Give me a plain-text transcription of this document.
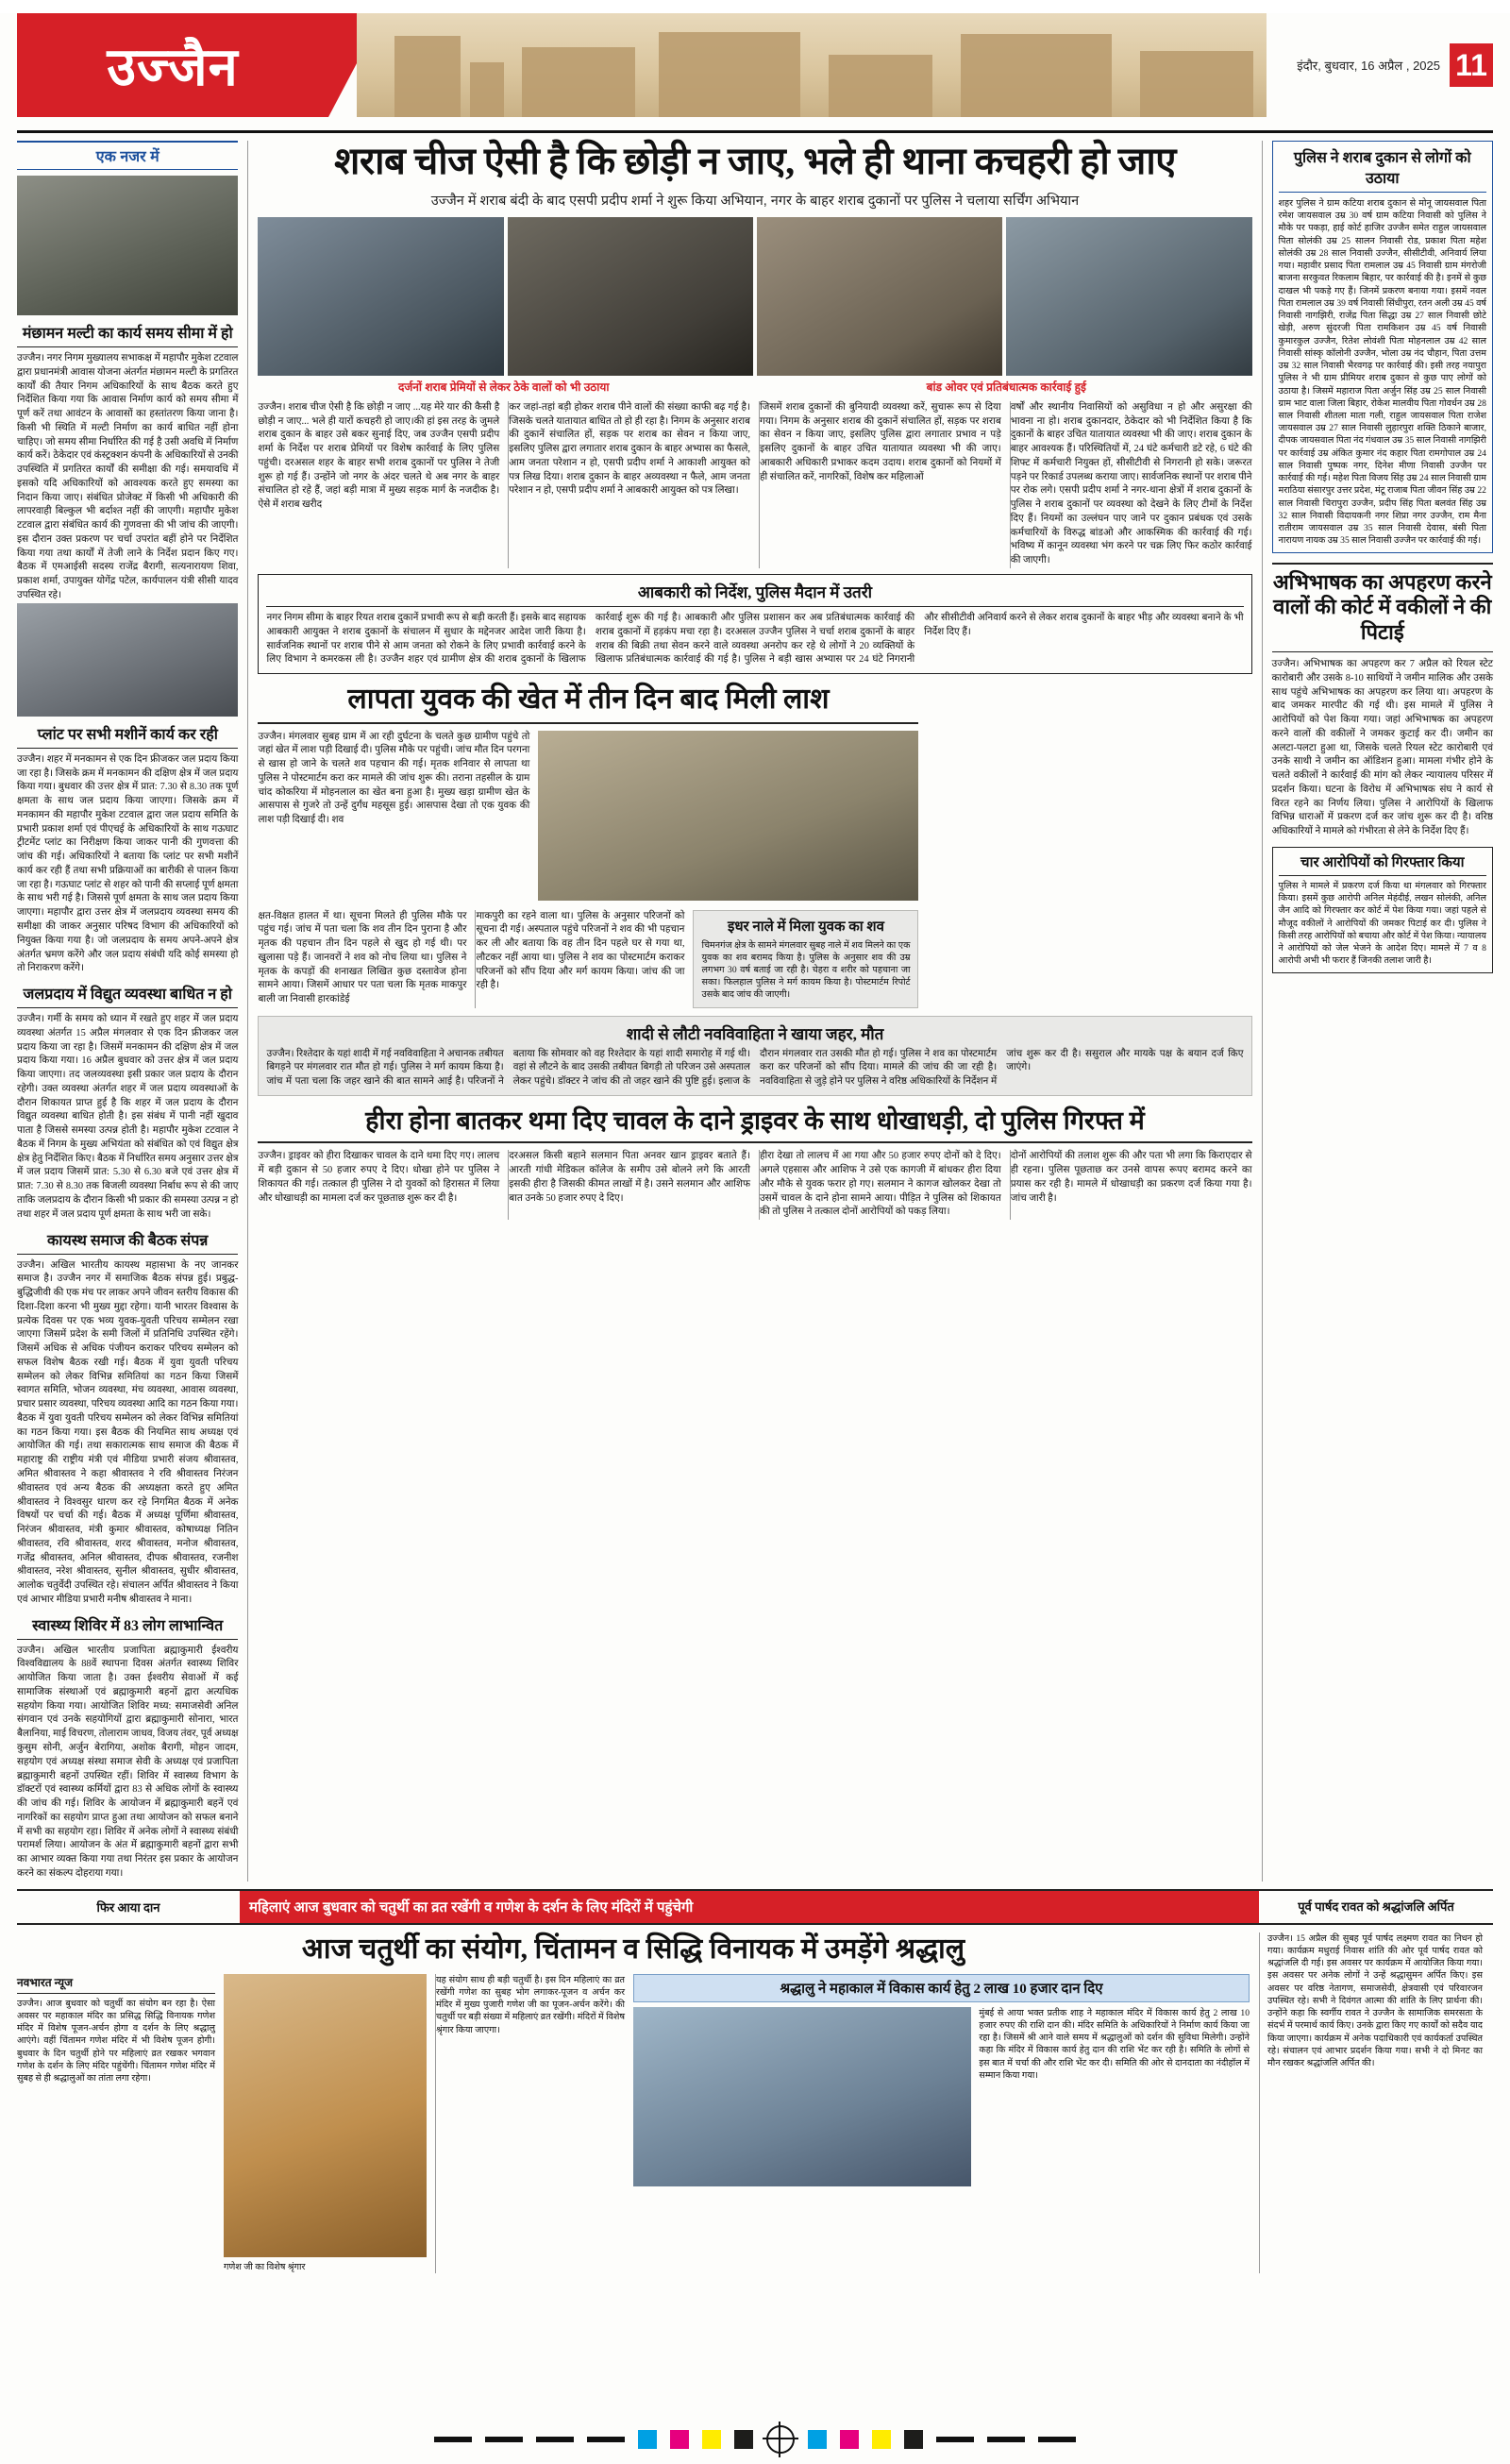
उज्जैन	इंदौर, बुधवार, 16 अप्रैल , 2025 11
एक नजर में
मंछामन मल्टी का कार्य समय सीमा में हो
उज्जैन। नगर निगम मुख्यालय सभाकक्ष में महापौर मुकेश टटवाल द्वारा प्रधानमंत्री आवास योजना अंतर्गत मंछामन मल्टी के प्रगतिरत कार्यों की तैयार निगम अधिकारियों के साथ बैठक करते हुए निर्देशित किया गया कि आवास निर्माण कार्य को समय सीमा में पूर्ण करें तथा आवंटन के आवासों का हस्तांतरण किया जाना है। किसी भी स्थिति में मल्टी निर्माण का कार्य बाधित नहीं होना चाहिए। जो समय सीमा निर्धारित की गई है उसी अवधि में निर्माण कार्य करें। ठेकेदार एवं कंस्ट्रक्शन कंपनी के अधिकारियों से उनकी उपस्थिति में प्रगतिरत कार्यों की समीक्षा की गई। समयावधि में इसको यदि अधिकारियों को आवश्यक करते हुए समस्या का निदान किया जाए। संबंधित प्रोजेक्ट में किसी भी अधिकारी की लापरवाही बिल्कुल भी बर्दाश्त नहीं की जाएगी। महापौर मुकेश टटवाल द्वारा संबंधित कार्य की गुणवत्ता की भी जांच की जाएगी। इस दौरान उक्त प्रकरण पर चर्चा उपरांत बहीं होने पर निर्देशित किया गया तथा कार्यों में तेजी लाने के निर्देश प्रदान किए गए। बैठक में एमआईसी सदस्य राजेंद्र बैरागी, सत्यनारायण शिवा, प्रकाश शर्मा, उपायुक्त योगेंद्र पटेल, कार्यपालन यंत्री सीसी यादव उपस्थित रहे।
प्लांट पर सभी मशीनें कार्य कर रही
उज्जैन। शहर में मनकामन से एक दिन फ्रीजकर जल प्रदाय किया जा रहा है। जिसके क्रम में मनकामन की दक्षिण क्षेत्र में जल प्रदाय किया गया। बुधवार की उत्तर क्षेत्र में प्रात: 7.30 से 8.30 तक पूर्ण क्षमता के साथ जल प्रदाय किया जाएगा। जिसके क्रम में मनकामन की महापौर मुकेश टटवाल द्वारा जल प्रदाय समिति के प्रभारी प्रकाश शर्मा एवं पीएचई के अधिकारियों के साथ गऊघाट ट्रीटमेंट प्लांट का निरीक्षण किया जाकर पानी की गुणवत्ता की जांच की गई। अधिकारियों ने बताया कि प्लांट पर सभी मशीनें कार्य कर रही हैं तथा सभी प्रक्रियाओं का बारीकी से पालन किया जा रहा है। गऊघाट प्लांट से शहर को पानी की सप्लाई पूर्ण क्षमता के साथ भरी गई है। जिससे पूर्ण क्षमता के साथ जल प्रदाय किया जाएगा। महापौर द्वारा उत्तर क्षेत्र में जलप्रदाय व्यवस्था समय की समीक्षा की जाकर अनुसार परिषद विभाग की अधिकारियों को नियुक्त किया गया है। जो जलप्रदाय के समय अपने-अपने क्षेत्र अंतर्गत भ्रमण करेंगे और जल प्रदाय संबंधी यदि कोई समस्या हो तो निराकरण करेंगे।
जलप्रदाय में विद्युत व्यवस्था बाधित न हो
उज्जैन। गर्मी के समय को ध्यान में रखते हुए शहर में जल प्रदाय व्यवस्था अंतर्गत 15 अप्रैल मंगलवार से एक दिन फ्रीजकर जल प्रदाय किया जा रहा है। जिसमें मनकामन की दक्षिण क्षेत्र में जल प्रदाय किया गया। 16 अप्रैल बुधवार को उत्तर क्षेत्र में जल प्रदाय किया जाएगा। तद जलव्यवस्था इसी प्रकार जल प्रदाय के दौरान रहेगी। उक्त व्यवस्था अंतर्गत शहर में जल प्रदाय व्यवस्थाओं के दौरान शिकायत प्राप्त हुई है कि शहर में जल प्रदाय के दौरान विद्युत व्यवस्था बाधित होती है। इस संबंध में पानी नहीं खुदाव पाता है जिससे समस्या उत्पन्न होती है। महापौर मुकेश टटवाल ने बैठक में निगम के मुख्य अभियंता को संबंधित को एवं विद्युत क्षेत्र क्षेत्र हेतु निर्देशित किए। बैठक में निर्धारित समय अनुसार उत्तर क्षेत्र में जल प्रदाय जिसमें प्रात: 5.30 से 6.30 बजे एवं उत्तर क्षेत्र में प्रात: 7.30 से 8.30 तक बिजली व्यवस्था निर्बाध रूप से की जाए ताकि जलप्रदाय के दौरान किसी भी प्रकार की समस्या उत्पन्न न हो तथा शहर में जल प्रदाय पूर्ण क्षमता के साथ भरी जा सके।
कायस्थ समाज की बैठक संपन्न
उज्जैन। अखिल भारतीय कायस्थ महासभा के नए जानकर समाज है। उज्जैन नगर में समाजिक बैठक संपन्न हुई। प्रबुद्ध-बुद्धिजीवी की एक मंच पर लाकर अपने जीवन स्तरीय विकास की दिशा-दिशा करना भी मुख्य मुद्दा रहेगा। यानी भारतर विश्वास के प्रत्येक दिवस पर एक भव्य युवक-युवती परिचय सम्मेलन रखा जाएगा जिसमें प्रदेश के समी जिलों में प्रतिनिधि उपस्थित रहेंगे। जिसमें अधिक से अधिक पंजीयन कराकर परिचय सम्मेलन को सफल विशेष बैठक रखी गई। बैठक में युवा युवती परिचय सम्मेलन को लेकर विभिन्न समितियां का गठन किया जिसमें स्वागत समिति, भोजन व्यवस्था, मंच व्यवस्था, आवास व्यवस्था, प्रचार प्रसार व्यवस्था, परिचय व्यवस्था आदि का गठन किया गया। बैठक में युवा युवती परिचय सम्मेलन को लेकर विभिन्न समितियां का गठन किया गया। इस बैठक की नियमित साथ अध्यक्ष एवं आयोजित की गई। तथा सकारात्मक साथ समाज की बैठक में महाराष्ट्र की राष्ट्रीय मंत्री एवं मीडिया प्रभारी संजय श्रीवास्तव, अमित श्रीवास्तव ने कहा श्रीवास्तव ने रवि श्रीवास्तव निरंजन श्रीवास्तव एवं अन्य बैठक की अध्यक्षता करते हुए अमित श्रीवास्तव ने विश्वसुर धारण कर रहे निगमित बैठक में अनेक विषयों पर चर्चा की गई। बैठक में अध्यक्ष पूर्णिमा श्रीवास्तव, निरंजन श्रीवास्तव, मंत्री कुमार श्रीवास्तव, कोषाध्यक्ष नितिन श्रीवास्तव, रवि श्रीवास्तव, शरद श्रीवास्तव, मनोज श्रीवास्तव, गजेंद्र श्रीवास्तव, अनिल श्रीवास्तव, दीपक श्रीवास्तव, रजनीश श्रीवास्तव, नरेश श्रीवास्तव, सुनील श्रीवास्तव, सुधीर श्रीवास्तव, आलोक चतुर्वेदी उपस्थित रहे। संचालन अर्पित श्रीवास्तव ने किया एवं आभार मीडिया प्रभारी मनीष श्रीवास्तव ने माना।
स्वास्थ्य शिविर में 83 लोग लाभान्वित
उज्जैन। अखिल भारतीय प्रजापिता ब्रह्माकुमारी ईश्वरीय विश्वविद्यालय के 88वें स्थापना दिवस अंतर्गत स्वास्थ्य शिविर आयोजित किया जाता है। उक्त ईश्वरीय सेवाओं में कई सामाजिक संस्थाओं एवं ब्रह्माकुमारी बहनों द्वारा अत्यधिक सहयोग किया गया। आयोजित शिविर मध्य: समाजसेवी अनिल संगवान एवं उनके सहयोगियों द्वारा ब्रह्माकुमारी सोनारा, भारत बैलानिया, माई विचरण, तोलाराम जाधव, विजय तंवर, पूर्व अध्यक्ष कुसुम सोनी, अर्जुन बेरागिया, अशोक बैरागी, मोहन जादम, सहयोग एवं अध्यक्ष संस्था समाज सेवी के अध्यक्ष एवं प्रजापिता ब्रह्माकुमारी बहनों उपस्थित रहीं। शिविर में स्वास्थ्य विभाग के डॉक्टरों एवं स्वास्थ्य कर्मियों द्वारा 83 से अधिक लोगों के स्वास्थ्य की जांच की गई। शिविर के आयोजन में ब्रह्माकुमारी बहनें एवं नागरिकों का सहयोग प्राप्त हुआ तथा आयोजन को सफल बनाने में सभी का सहयोग रहा। शिविर में अनेक लोगों ने स्वास्थ्य संबंधी परामर्श लिया। आयोजन के अंत में ब्रह्माकुमारी बहनों द्वारा सभी का आभार व्यक्त किया गया तथा निरंतर इस प्रकार के आयोजन करने का संकल्प दोहराया गया।
शराब चीज ऐसी है कि छोड़ी न जाए, भले ही थाना कचहरी हो जाए
उज्जैन में शराब बंदी के बाद एसपी प्रदीप शर्मा ने शुरू किया अभियान, नगर के बाहर शराब दुकानों पर पुलिस ने चलाया सर्चिंग अभियान
दर्जनों शराब प्रेमियों से लेकर ठेके वालों को भी उठाया	बांड ओवर एवं प्रतिबंधात्मक कार्रवाई हुई
उज्जैन। शराब चीज ऐसी है कि छोड़ी न जाए ...यह मेरे यार की कैसी है छोड़ी न जाए... भले ही यारों कचहरी हो जाए।की हां इस तरह के जुमले शराब दुकान के बाहर उसे बकर सुनाई दिए, जब उज्जैन एसपी प्रदीप शर्मा के निर्देश पर शराब प्रेमियों पर विशेष कार्रवाई के लिए पुलिस पहुंची। दरअसल शहर के बाहर सभी शराब दुकानों पर पुलिस ने तेजी शुरू हो गई हैं। उन्होंने जो नगर के अंदर चलते थे अब नगर के बाहर संचालित हो रहे हैं, जहां बड़ी मात्रा में मुख्य सड़क मार्ग के नजदीक है। ऐसे में शराब खरीद
कर जहां-तहां बड़ी होकर शराब पीने वालों की संख्या काफी बढ़ गई है। जिसके चलते यातायात बाधित तो हो ही रहा है। निगम के अनुसार शराब की दुकानें संचालित हों, सड़क पर शराब का सेवन न किया जाए, इसलिए पुलिस द्वारा लगातार शराब दुकान के बाहर अभ्यास का फैसले, आम जनता परेशान न हो, एसपी प्रदीप शर्मा ने आकाशी आयुक्त को पत्र लिख दिया। शराब दुकान के बाहर अव्यवस्था न फैले, आम जनता परेशान न हो, एसपी प्रदीप शर्मा ने आबकारी आयुक्त को पत्र लिखा।
जिसमें शराब दुकानों की बुनियादी व्यवस्था करें, सुचारू रूप से दिया गया। निगम के अनुसार शराब की दुकानें संचालित हों, सड़क पर शराब का सेवन न किया जाए, इसलिए पुलिस द्वारा लगातार प्रभाव न पड़े इसलिए दुकानों के बाहर उचित यातायात व्यवस्था भी की जाए। आबकारी अधिकारी प्रभाकर कदम उदाय। शराब दुकानों को नियमों में ही संचालित करें, नागरिकों, विशेष कर महिलाओं
वर्षों और स्थानीय निवासियों को असुविधा न हो और असुरक्षा की भावना ना हो। शराब दुकानदार, ठेकेदार को भी निर्देशित किया है कि दुकानों के बाहर उचित यातायात व्यवस्था भी की जाए। शराब दुकान के बाहर आवश्यक हैं। परिस्थितियों में, 24 घंटे कर्मचारी डटे रहे, 6 घंटे की शिफ्ट में कर्मचारी नियुक्त हों, सीसीटीवी से निगरानी हो सके। जरूरत पड़ने पर रिकार्ड उपलब्ध कराया जाए। सार्वजनिक स्थानों पर शराब पीने पर रोक लगे। एसपी प्रदीप शर्मा ने नगर-थाना क्षेत्रों में शराब दुकानों के पुलिस ने शराब दुकानों पर व्यवस्था को देखने के लिए टीमों के निर्देश दिए हैं। नियमों का उल्लंघन पाए जाने पर दुकान प्रबंधक एवं उसके कर्मचारियों के विरुद्ध बांडओ और आकस्मिक की कार्रवाई की गई। भविष्य में कानून व्यवस्था भंग करने पर चक्र लिए फिर कठोर कार्रवाई की जाएगी।
आबकारी को निर्देश, पुलिस मैदान में उतरी
नगर निगम सीमा के बाहर रियत शराब दुकानें प्रभावी रूप से बड़ी करती हैं। इसके बाद सहायक आबकारी आयुक्त ने शराब दुकानों के संचालन में सुधार के मद्देनजर आदेश जारी किया है। सार्वजनिक स्थानों पर शराब पीने से आम जनता को रोकने के लिए प्रभावी कार्रवाई करने के लिए विभाग ने कमरकस ली है। उज्जैन शहर एवं ग्रामीण क्षेत्र की शराब दुकानों के खिलाफ कार्रवाई शुरू की गई है। आबकारी और पुलिस प्रशासन कर अब प्रतिबंधात्मक कार्रवाई की शराब दुकानों में हड़कंप मचा रहा है। दरअसल उज्जैन पुलिस ने चर्चा शराब दुकानों के बाहर शराब की बिक्री तथा सेवन करने वाले व्यवस्था अनरोप कर रहे थे लोगों ने 20 व्यक्तियों के खिलाफ प्रतिबंधात्मक कार्रवाई की गई है। पुलिस ने बड़ी खास अभ्यास पर 24 घंटे निगरानी और सीसीटीवी अनिवार्य करने से लेकर शराब दुकानों के बाहर भीड़ और व्यवस्था बनाने के भी निर्देश दिए हैं।
लापता युवक की खेत में तीन दिन बाद मिली लाश
उज्जैन। मंगलवार सुबह ग्राम में आ रही दुर्घटना के चलते कुछ ग्रामीण पहुंचे तो जहां खेत में लाश पड़ी दिखाई दी। पुलिस मौके पर पहुंची। जांच मौत दिन परगना से खास हो जाने के चलते शव पहचान की गई। मृतक शनिवार से लापता था पुलिस ने पोस्टमार्टम करा कर मामले की जांच शुरू की। तराना तहसील के ग्राम चांद कोकरिया में मोहनलाल का खेत बना हुआ है। मुख्य खड़ा ग्रामीण खेत के आसपास से गुजरे तो उन्हें दुर्गंध महसूस हुई। आसपास देखा तो एक युवक की लाश पड़ी दिखाई दी। शव
क्षत-विक्षत हालत में था। सूचना मिलते ही पुलिस मौके पर पहुंच गई। जांच में पता चला कि शव तीन दिन पुराना है और मृतक की पहचान तीन दिन पहले से खुद हो गई थी। पर खुलासा पड़े हैं। जानवरों ने शव को नोच लिया था। पुलिस ने मृतक के कपड़ों की शनाखत लिखित कुछ दस्तावेज होना सामने आया। जिसमें आधार पर पता चला कि मृतक माकपुर बाली जा निवासी हारकांडेई
माकपुरी का रहने वाला था। पुलिस के अनुसार परिजनों को सूचना दी गई। अस्पताल पहुंचे परिजनों ने शव की भी पहचान कर ली और बताया कि वह तीन दिन पहले घर से गया था, लौटकर नहीं आया था। पुलिस ने शव का पोस्टमार्टम कराकर परिजनों को सौंप दिया और मर्ग कायम किया। जांच की जा रही है।
इधर नाले में मिला युवक का शव
चिमनगंज क्षेत्र के सामने मंगलवार सुबह नाले में शव मिलने का एक युवक का शव बरामद किया है। पुलिस के अनुसार शव की उम्र लगभग 30 वर्ष बताई जा रही है। चेहरा व शरीर को पहचाना जा सका। फिलहाल पुलिस ने मर्ग कायम किया है। पोस्टमार्टम रिपोर्ट उसके बाद जांच की जाएगी।
शादी से लौटी नवविवाहिता ने खाया जहर, मौत
उज्जैन। रिश्तेदार के यहां शादी में गई नवविवाहिता ने अचानक तबीयत बिगड़ने पर मंगलवार रात मौत हो गई। पुलिस ने मर्ग कायम किया है। जांच में पता चला कि जहर खाने की बात सामने आई है। परिजनों ने बताया कि सोमवार को वह रिश्तेदार के यहां शादी समारोह में गई थी। वहां से लौटने के बाद उसकी तबीयत बिगड़ी तो परिजन उसे अस्पताल लेकर पहुंचे। डॉक्टर ने जांच की तो जहर खाने की पुष्टि हुई। इलाज के दौरान मंगलवार रात उसकी मौत हो गई। पुलिस ने शव का पोस्टमार्टम करा कर परिजनों को सौंप दिया। मामले की जांच की जा रही है। नवविवाहिता से जुड़े होने पर पुलिस ने वरिष्ठ अधिकारियों के निर्देशन में जांच शुरू कर दी है। ससुराल और मायके पक्ष के बयान दर्ज किए जाएंगे।
हीरा होना बातकर थमा दिए चावल के दाने ड्राइवर के साथ धोखाधड़ी, दो पुलिस गिरफ्त में
उज्जैन। ड्राइवर को हीरा दिखाकर चावल के दाने थमा दिए गए। लालच में बड़ी दुकान से 50 हजार रुपए दे दिए। धोखा होने पर पुलिस ने शिकायत की गई। तत्काल ही पुलिस ने दो युवकों को हिरासत में लिया और धोखाधड़ी का मामला दर्ज कर पूछताछ शुरू कर दी है।
दरअसल किसी बहाने सलमान पिता अनवर खान ड्राइवर बताते हैं। आरती गांधी मेडिकल कॉलेज के समीप उसे बोलने लगे कि आरती इसकी हीरा है जिसकी कीमत लाखों में है। उसने सलमान और आशिफ बात उनके 50 हजार रुपए दे दिए।
हीरा देखा तो लालच में आ गया और 50 हजार रुपए दोनों को दे दिए। अगले एहसास और आशिफ ने उसे एक कागजी में बांधकर हीरा दिया और मौके से युवक फरार हो गए। सलमान ने कागज खोलकर देखा तो उसमें चावल के दाने होना सामने आया। पीड़ित ने पुलिस को शिकायत की तो पुलिस ने तत्काल दोनों आरोपियों को पकड़ लिया।
दोनों आरोपियों की तलाश शुरू की और पता भी लगा कि किराएदार से ही रहना। पुलिस पूछताछ कर उनसे वापस रूपए बरामद करने का प्रयास कर रही है। मामले में धोखाधड़ी का प्रकरण दर्ज किया गया है। जांच जारी है।
पुलिस ने शराब दुकान से लोगों को उठाया
शहर पुलिस ने ग्राम कटिया शराब दुकान से मोनू जायसवाल पिता रमेश जायसवाल उम्र 30 वर्ष ग्राम कटिया निवासी को पुलिस ने मौके पर पकड़ा, हाई कोर्ट हाजिर उज्जैन समेत राहुल जायसवाल पिता सोलंकी उम्र 25 सालन निवासी रोड, प्रकाश पिता महेश सोलंकी उम्र 28 साल निवासी उज्जैन, सीसीटीवी, अनिवार्य लिया गया। महावीर प्रसाद पिता रामलाल उम्र 45 निवासी ग्राम मंगरोजी बाजना सरकुवत रिकलाम बिहार, पर कार्रवाई की है। इनमें से कुछ दाखल भी पकड़े गए हैं। जिनमें प्रकरण बनाया गया। इसमें नवल पिता रामलाल उम्र 39 वर्ष निवासी सिंधीपुरा, रतन अली उम्र 45 वर्ष निवासी नागझिरी, राजेंद्र पिता सिद्धा उम्र 27 साल निवासी छोटे खेड़ी, अरुण सुंदरजी पिता रामकिशन उम्र 45 वर्ष निवासी कुमारकुल उज्जैन, रितेश लोवंशी पिता मोहनलाल उम्र 42 साल निवासी सांस्कृ कॉलोनी उज्जैन, भोला उम्र नंद चौहान, पिता उत्तम उम्र 32 साल निवासी भैरवगढ़ पर कार्रवाई की। इसी तरह नयापुरा पुलिस ने भी ग्राम प्रीमियर शराब दुकान से कुछ पाए लोगों को उठाया है। जिसमें महाराज पिता अर्जुन सिंह उम्र 25 साल निवासी ग्राम भाट वाला जिला बिहार, रोकेश मालवीय पिता गोवर्धन उम्र 28 साल निवासी शीतला माता गली, राहुल जायसवाल पिता राजेश जायसवाल उम्र 27 साल निवासी लुहारपुरा शक्ति ठिकाने बाजार, दीपक जायसवाल पिता नंद गंधवाल उम्र 35 साल निवासी नागझिरी पर कार्रवाई उम्र अंकित कुमार नंद कहार पिता रामगोपाल उम्र 24 साल निवासी पुष्पक नगर, दिनेश मीणा निवासी उज्जैन पर कार्रवाई की गई। महेश पिता विजय सिंह उम्र 24 साल निवासी ग्राम मराठिया संसारपुर उत्तर प्रदेश, मंटू राजाब पिता जीवन सिंह उम्र 22 साल निवासी चिरापुरा उज्जैन, प्रदीप सिंह पिता बलवंत सिंह उम्र 32 साल निवासी विदायकनी नगर शिप्रा नगर उज्जैन, राम मैना रातीराम जायसवाल उम्र 35 साल निवासी देवास, बंसी पिता नारायण नायक उम्र 35 साल निवासी उज्जैन पर कार्रवाई की गई।
अभिभाषक का अपहरण करने वालों की कोर्ट में वकीलों ने की पिटाई
उज्जैन। अभिभाषक का अपहरण कर 7 अप्रैल को रियल स्टेट कारोबारी और उसके 8-10 साथियों ने जमीन मालिक और उसके साथ पहुंचे अभिभाषक का अपहरण कर लिया था। अपहरण के बाद जमकर मारपीट की गई थी। इस मामले में पुलिस ने आरोपियों को पेश किया गया। जहां अभिभाषक का अपहरण करने वालों की वकीलों ने जमकर कुटाई कर दी। जमीन का अलटा-पलटा हुआ था, जिसके चलते रियल स्टेट कारोबारी एवं उनके साथी ने जमीन का ऑडिशन हुआ। मामला गंभीर होने के चलते वकीलों ने कार्रवाई की मांग को लेकर न्यायालय परिसर में प्रदर्शन किया। घटना के विरोध में अभिभाषक संघ ने कार्य से विरत रहने का निर्णय लिया। पुलिस ने आरोपियों के खिलाफ विभिन्न धाराओं में प्रकरण दर्ज कर जांच शुरू कर दी है। वरिष्ठ अधिकारियों ने मामले को गंभीरता से लेने के निर्देश दिए हैं।
चार आरोपियों को गिरफ्तार किया
पुलिस ने मामले में प्रकरण दर्ज किया था मंगलवार को गिरफ्तार किया। इसमें कुछ आरोपी अनिल मेहंदीई, लखन सोलंकी, अनिल जैन आदि को गिरफ्तार कर कोर्ट में पेश किया गया। जहां पहले से मौजूद वकीलों ने आरोपियों की जमकर पिटाई कर दी। पुलिस ने किसी तरह आरोपियों को बचाया और कोर्ट में पेश किया। न्यायालय ने आरोपियों को जेल भेजने के आदेश दिए। मामले में 7 व 8 आरोपी अभी भी फरार हैं जिनकी तलाश जारी है।
फिर आया दान	महिलाएं आज बुधवार को चतुर्थी का व्रत रखेंगी व गणेश के दर्शन के लिए मंदिरों में पहुंचेगी	पूर्व पार्षद रावत को श्रद्धांजलि अर्पित
आज चतुर्थी का संयोग, चिंतामन व सिद्धि विनायक में उमड़ेंगे श्रद्धालु
नवभारत न्यूज
उज्जैन। आज बुधवार को चतुर्थी का संयोग बन रहा है। ऐसा अवसर पर महाकाल मंदिर का प्रसिद्ध सिद्धि विनायक गणेश मंदिर में विशेष पूजन-अर्चन होगा व दर्शन के लिए श्रद्धालु आएंगे। वहीं चिंतामन गणेश मंदिर में भी विशेष पूजन होगी। बुधवार के दिन चतुर्थी होने पर महिलाएं व्रत रखकर भगवान गणेश के दर्शन के लिए मंदिर पहुंचेंगी। चिंतामन गणेश मंदिर में सुबह से ही श्रद्धालुओं का तांता लगा रहेगा।
गणेश जी का विशेष श्रृंगार
यह संयोग साथ ही बड़ी चतुर्थी है। इस दिन महिलाएं का व्रत रखेंगी गणेश का सुबह भोग लगाकर-पूजन व अर्चन कर मंदिर में मुख्य पुजारी गणेश जी का पूजन-अर्चन करेंगे। की चतुर्थी पर बड़ी संख्या में महिलाएं व्रत रखेंगी। मंदिरों में विशेष श्रृंगार किया जाएगा।
श्रद्धालु ने महाकाल में विकास कार्य हेतु 2 लाख 10 हजार दान दिए
मुंबई से आया भक्त प्रतीक शाह ने महाकाल मंदिर में विकास कार्य हेतु 2 लाख 10 हजार रुपए की राशि दान की। मंदिर समिति के अधिकारियों ने निर्माण कार्य किया जा रहा है। जिसमें श्री आने वाले समय में श्रद्धालुओं को दर्शन की सुविधा मिलेगी। उन्होंने कहा कि मंदिर में विकास कार्य हेतु दान की राशि भेंट कर रही है। समिति के लोगों से इस बात में चर्चा की और राशि भेंट कर दी। समिति की ओर से दानदाता का नंदीहॉल में सम्मान किया गया।
उज्जैन। 15 अप्रैल की सुबह पूर्व पार्षद लक्ष्मण रावत का निधन हो गया। कार्यक्रम मधुराई निवास शांति की ओर पूर्व पार्षद रावत को श्रद्धांजलि दी गई। इस अवसर पर कार्यक्रम में आयोजित किया गया। इस अवसर पर अनेक लोगों ने उन्हें श्रद्धासुमन अर्पित किए। इस अवसर पर वरिष्ठ नेतागण, समाजसेवी, क्षेत्रवासी एवं परिवारजन उपस्थित रहे। सभी ने दिवंगत आत्मा की शांति के लिए प्रार्थना की। उन्होंने कहा कि स्वर्गीय रावत ने उज्जैन के सामाजिक समरसता के संदर्भ में परमार्थ कार्य किए। उनके द्वारा किए गए कार्यों को सदैव याद किया जाएगा। कार्यक्रम में अनेक पदाधिकारी एवं कार्यकर्ता उपस्थित रहे। संचालन एवं आभार प्रदर्शन किया गया। सभी ने दो मिनट का मौन रखकर श्रद्धांजलि अर्पित की।
